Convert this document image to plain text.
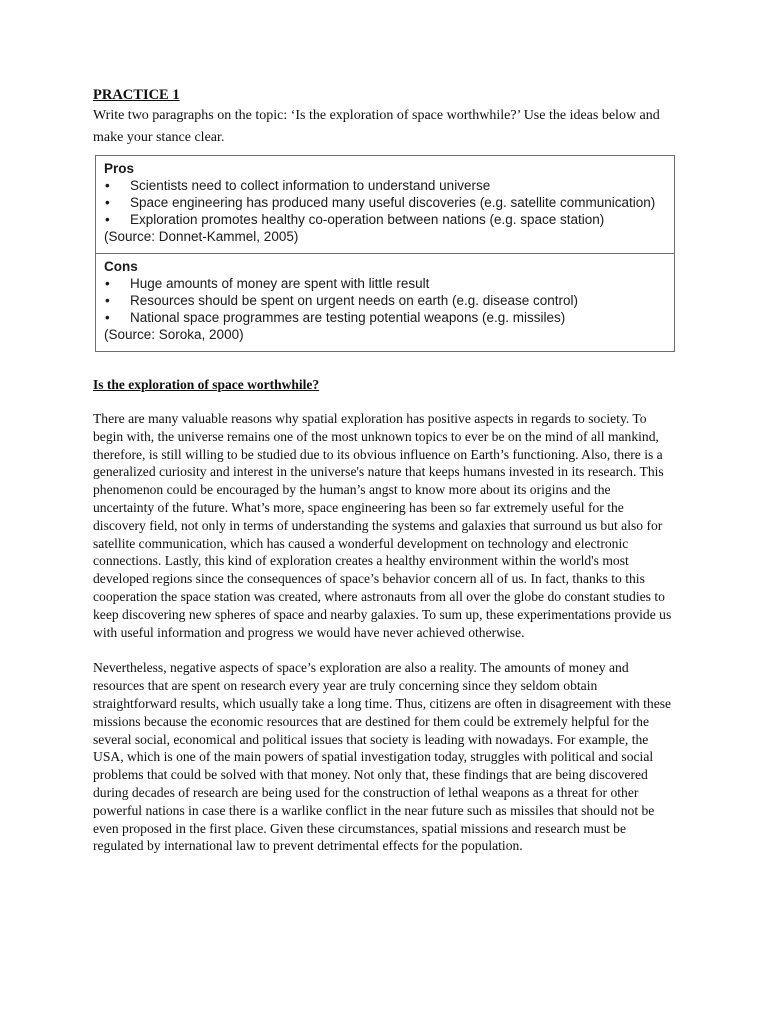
PRACTICE 1

Write two paragraphs on the topic: ‘Is the exploration of space worthwhile?’ Use the ideas below and make your stance clear.

Pros
• Scientists need to collect information to understand universe
• Space engineering has produced many useful discoveries (e.g. satellite communication)
• Exploration promotes healthy co-operation between nations (e.g. space station)
(Source: Donnet-Kammel, 2005)
Cons
• Huge amounts of money are spent with little result
• Resources should be spent on urgent needs on earth (e.g. disease control)
• National space programmes are testing potential weapons (e.g. missiles)
(Source: Soroka, 2000)

Is the exploration of space worthwhile?

There are many valuable reasons why spatial exploration has positive aspects in regards to society. To begin with, the universe remains one of the most unknown topics to ever be on the mind of all mankind, therefore, is still willing to be studied due to its obvious influence on Earth’s functioning. Also, there is a generalized curiosity and interest in the universe's nature that keeps humans invested in its research. This phenomenon could be encouraged by the human’s angst to know more about its origins and the uncertainty of the future. What’s more, space engineering has been so far extremely useful for the discovery field, not only in terms of understanding the systems and galaxies that surround us but also for satellite communication, which has caused a wonderful development on technology and electronic connections. Lastly, this kind of exploration creates a healthy environment within the world's most developed regions since the consequences of space’s behavior concern all of us. In fact, thanks to this cooperation the space station was created, where astronauts from all over the globe do constant studies to keep discovering new spheres of space and nearby galaxies. To sum up, these experimentations provide us with useful information and progress we would have never achieved otherwise.

Nevertheless, negative aspects of space’s exploration are also a reality. The amounts of money and resources that are spent on research every year are truly concerning since they seldom obtain straightforward results, which usually take a long time. Thus, citizens are often in disagreement with these missions because the economic resources that are destined for them could be extremely helpful for the several social, economical and political issues that society is leading with nowadays. For example, the USA, which is one of the main powers of spatial investigation today, struggles with political and social problems that could be solved with that money. Not only that, these findings that are being discovered during decades of research are being used for the construction of lethal weapons as a threat for other powerful nations in case there is a warlike conflict in the near future such as missiles that should not be even proposed in the first place. Given these circumstances, spatial missions and research must be regulated by international law to prevent detrimental effects for the population.
